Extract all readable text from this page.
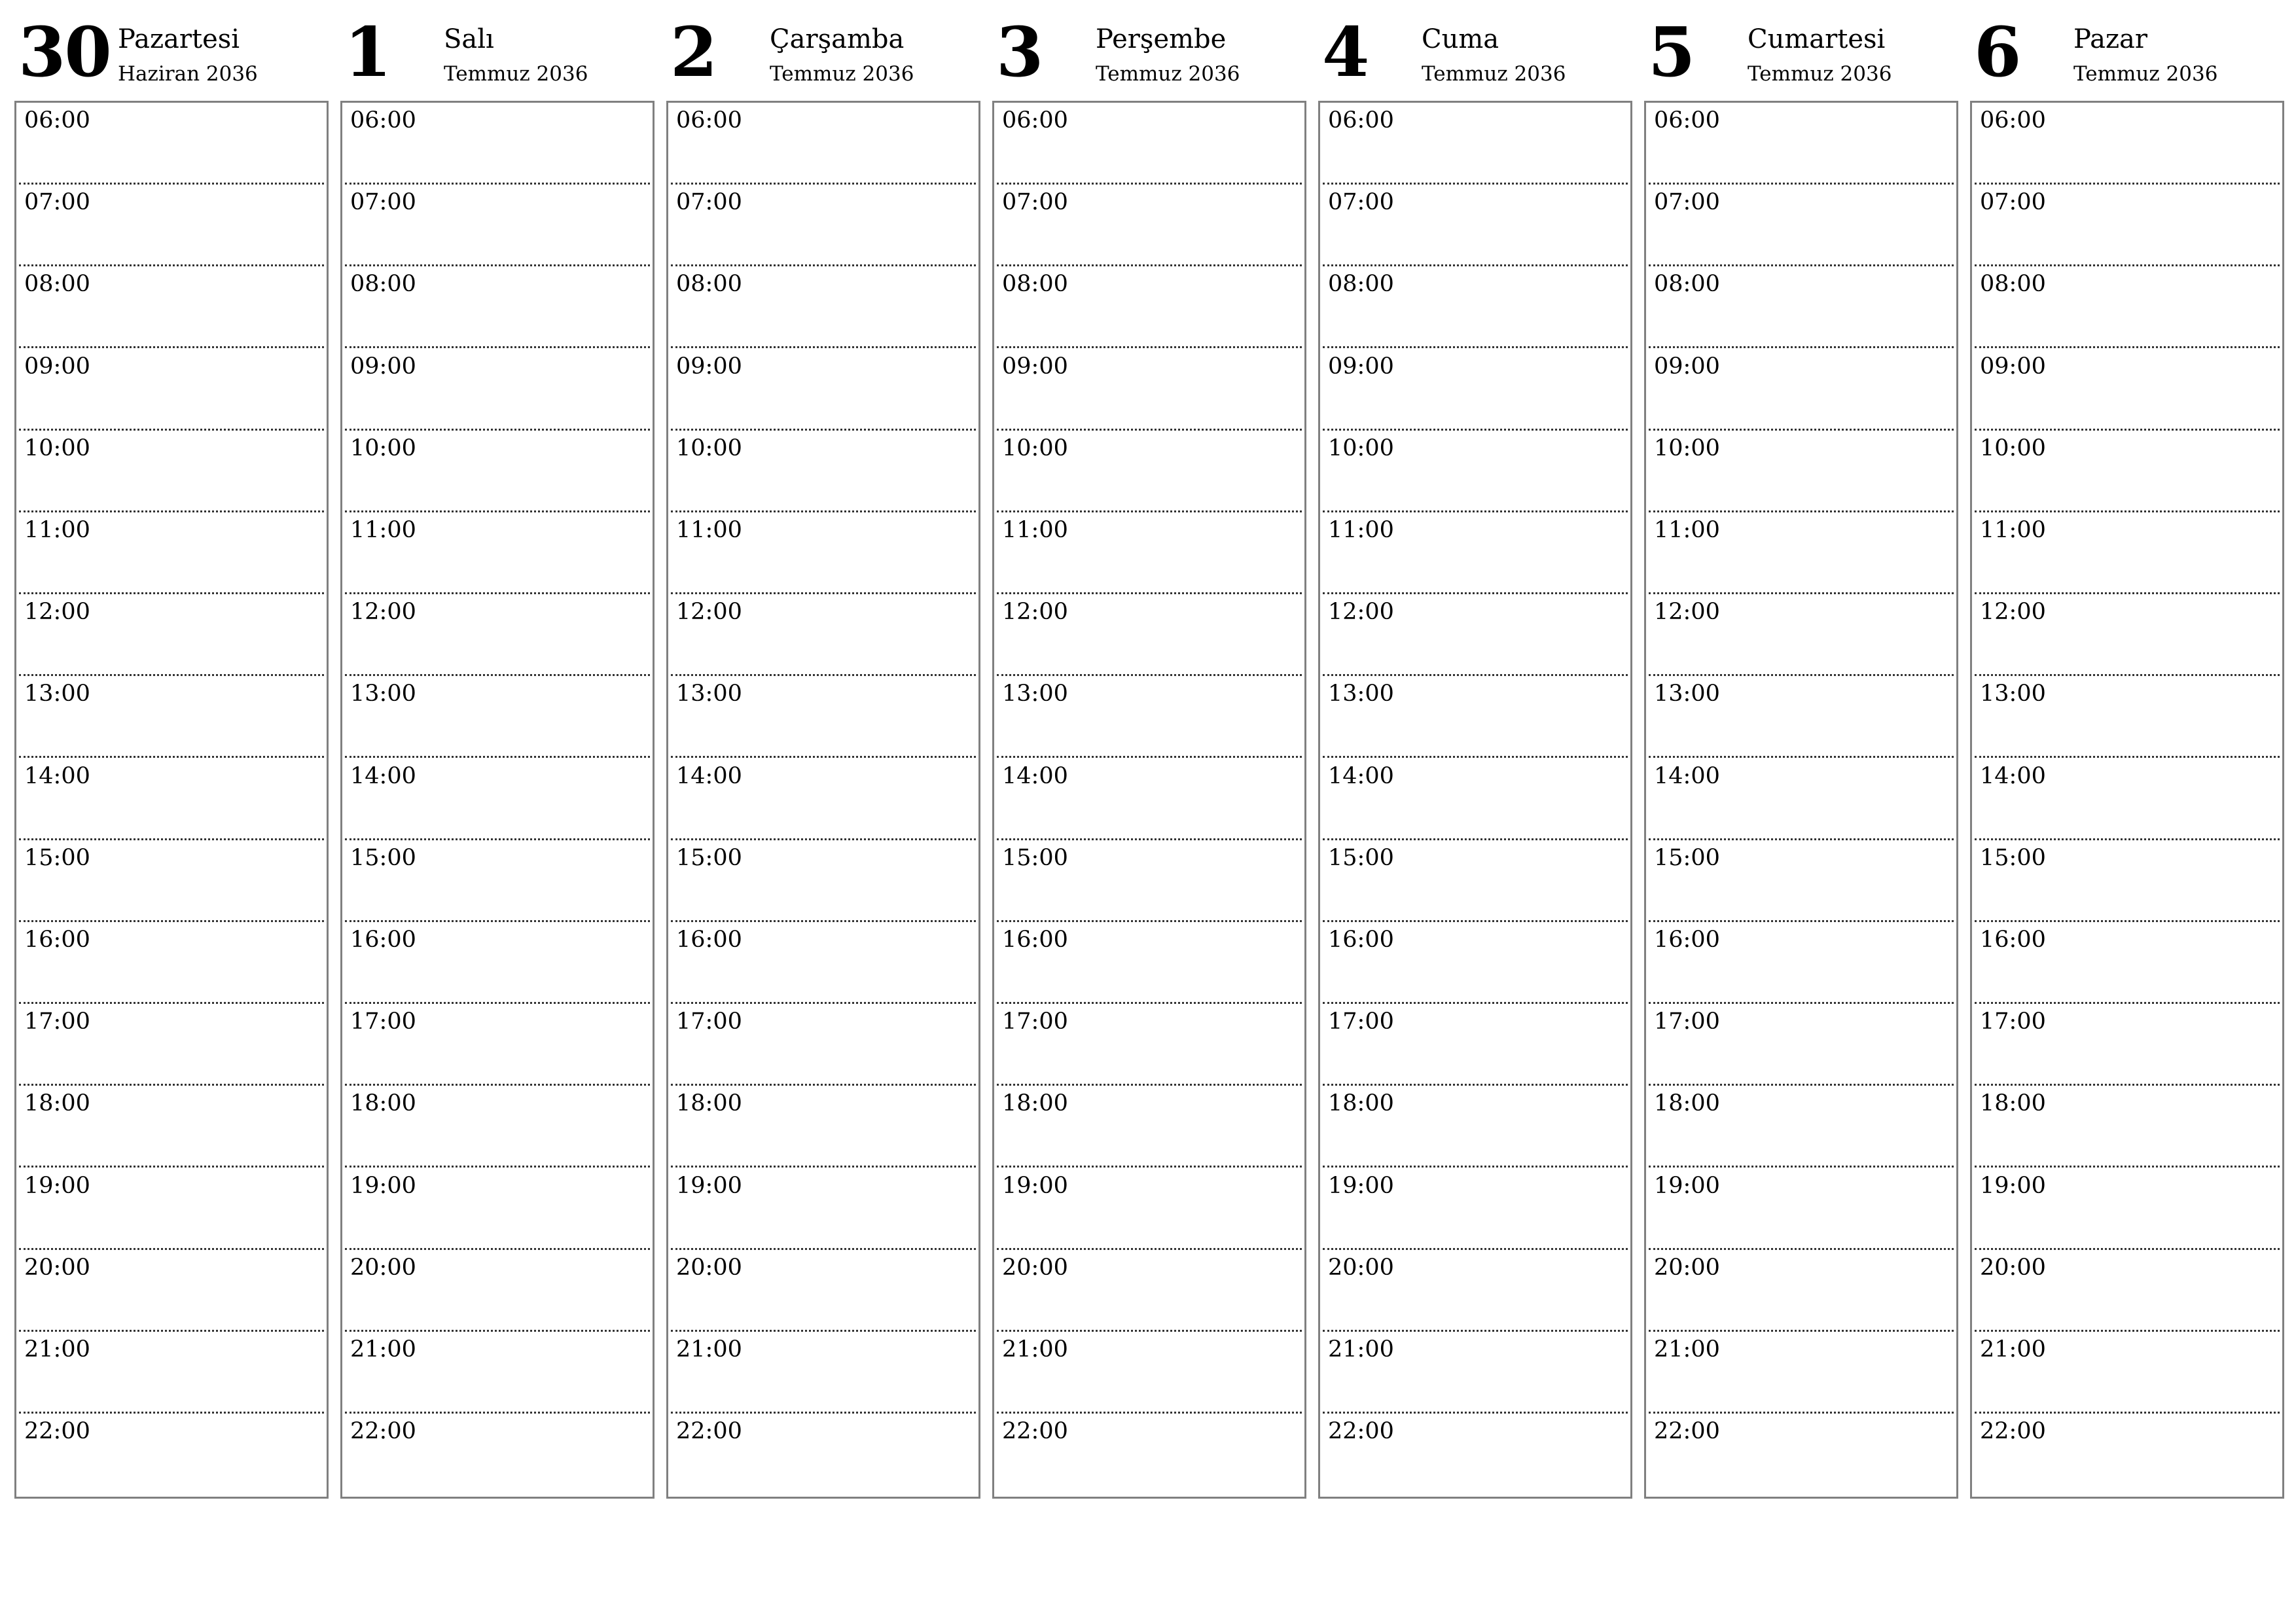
30 Pazartesi
Haziran 2036
06:00
07:00
08:00
09:00
10:00
11:00
12:00
13:00
14:00
15:00
16:00
17:00
18:00
19:00
20:00
21:00
22:00
1 Salı
Temmuz 2036
06:00
07:00
08:00
09:00
10:00
11:00
12:00
13:00
14:00
15:00
16:00
17:00
18:00
19:00
20:00
21:00
22:00
2 Çarşamba
Temmuz 2036
06:00
07:00
08:00
09:00
10:00
11:00
12:00
13:00
14:00
15:00
16:00
17:00
18:00
19:00
20:00
21:00
22:00
3 Perşembe
Temmuz 2036
06:00
07:00
08:00
09:00
10:00
11:00
12:00
13:00
14:00
15:00
16:00
17:00
18:00
19:00
20:00
21:00
22:00
4 Cuma
Temmuz 2036
06:00
07:00
08:00
09:00
10:00
11:00
12:00
13:00
14:00
15:00
16:00
17:00
18:00
19:00
20:00
21:00
22:00
5 Cumartesi
Temmuz 2036
06:00
07:00
08:00
09:00
10:00
11:00
12:00
13:00
14:00
15:00
16:00
17:00
18:00
19:00
20:00
21:00
22:00
6 Pazar
Temmuz 2036
06:00
07:00
08:00
09:00
10:00
11:00
12:00
13:00
14:00
15:00
16:00
17:00
18:00
19:00
20:00
21:00
22:00
